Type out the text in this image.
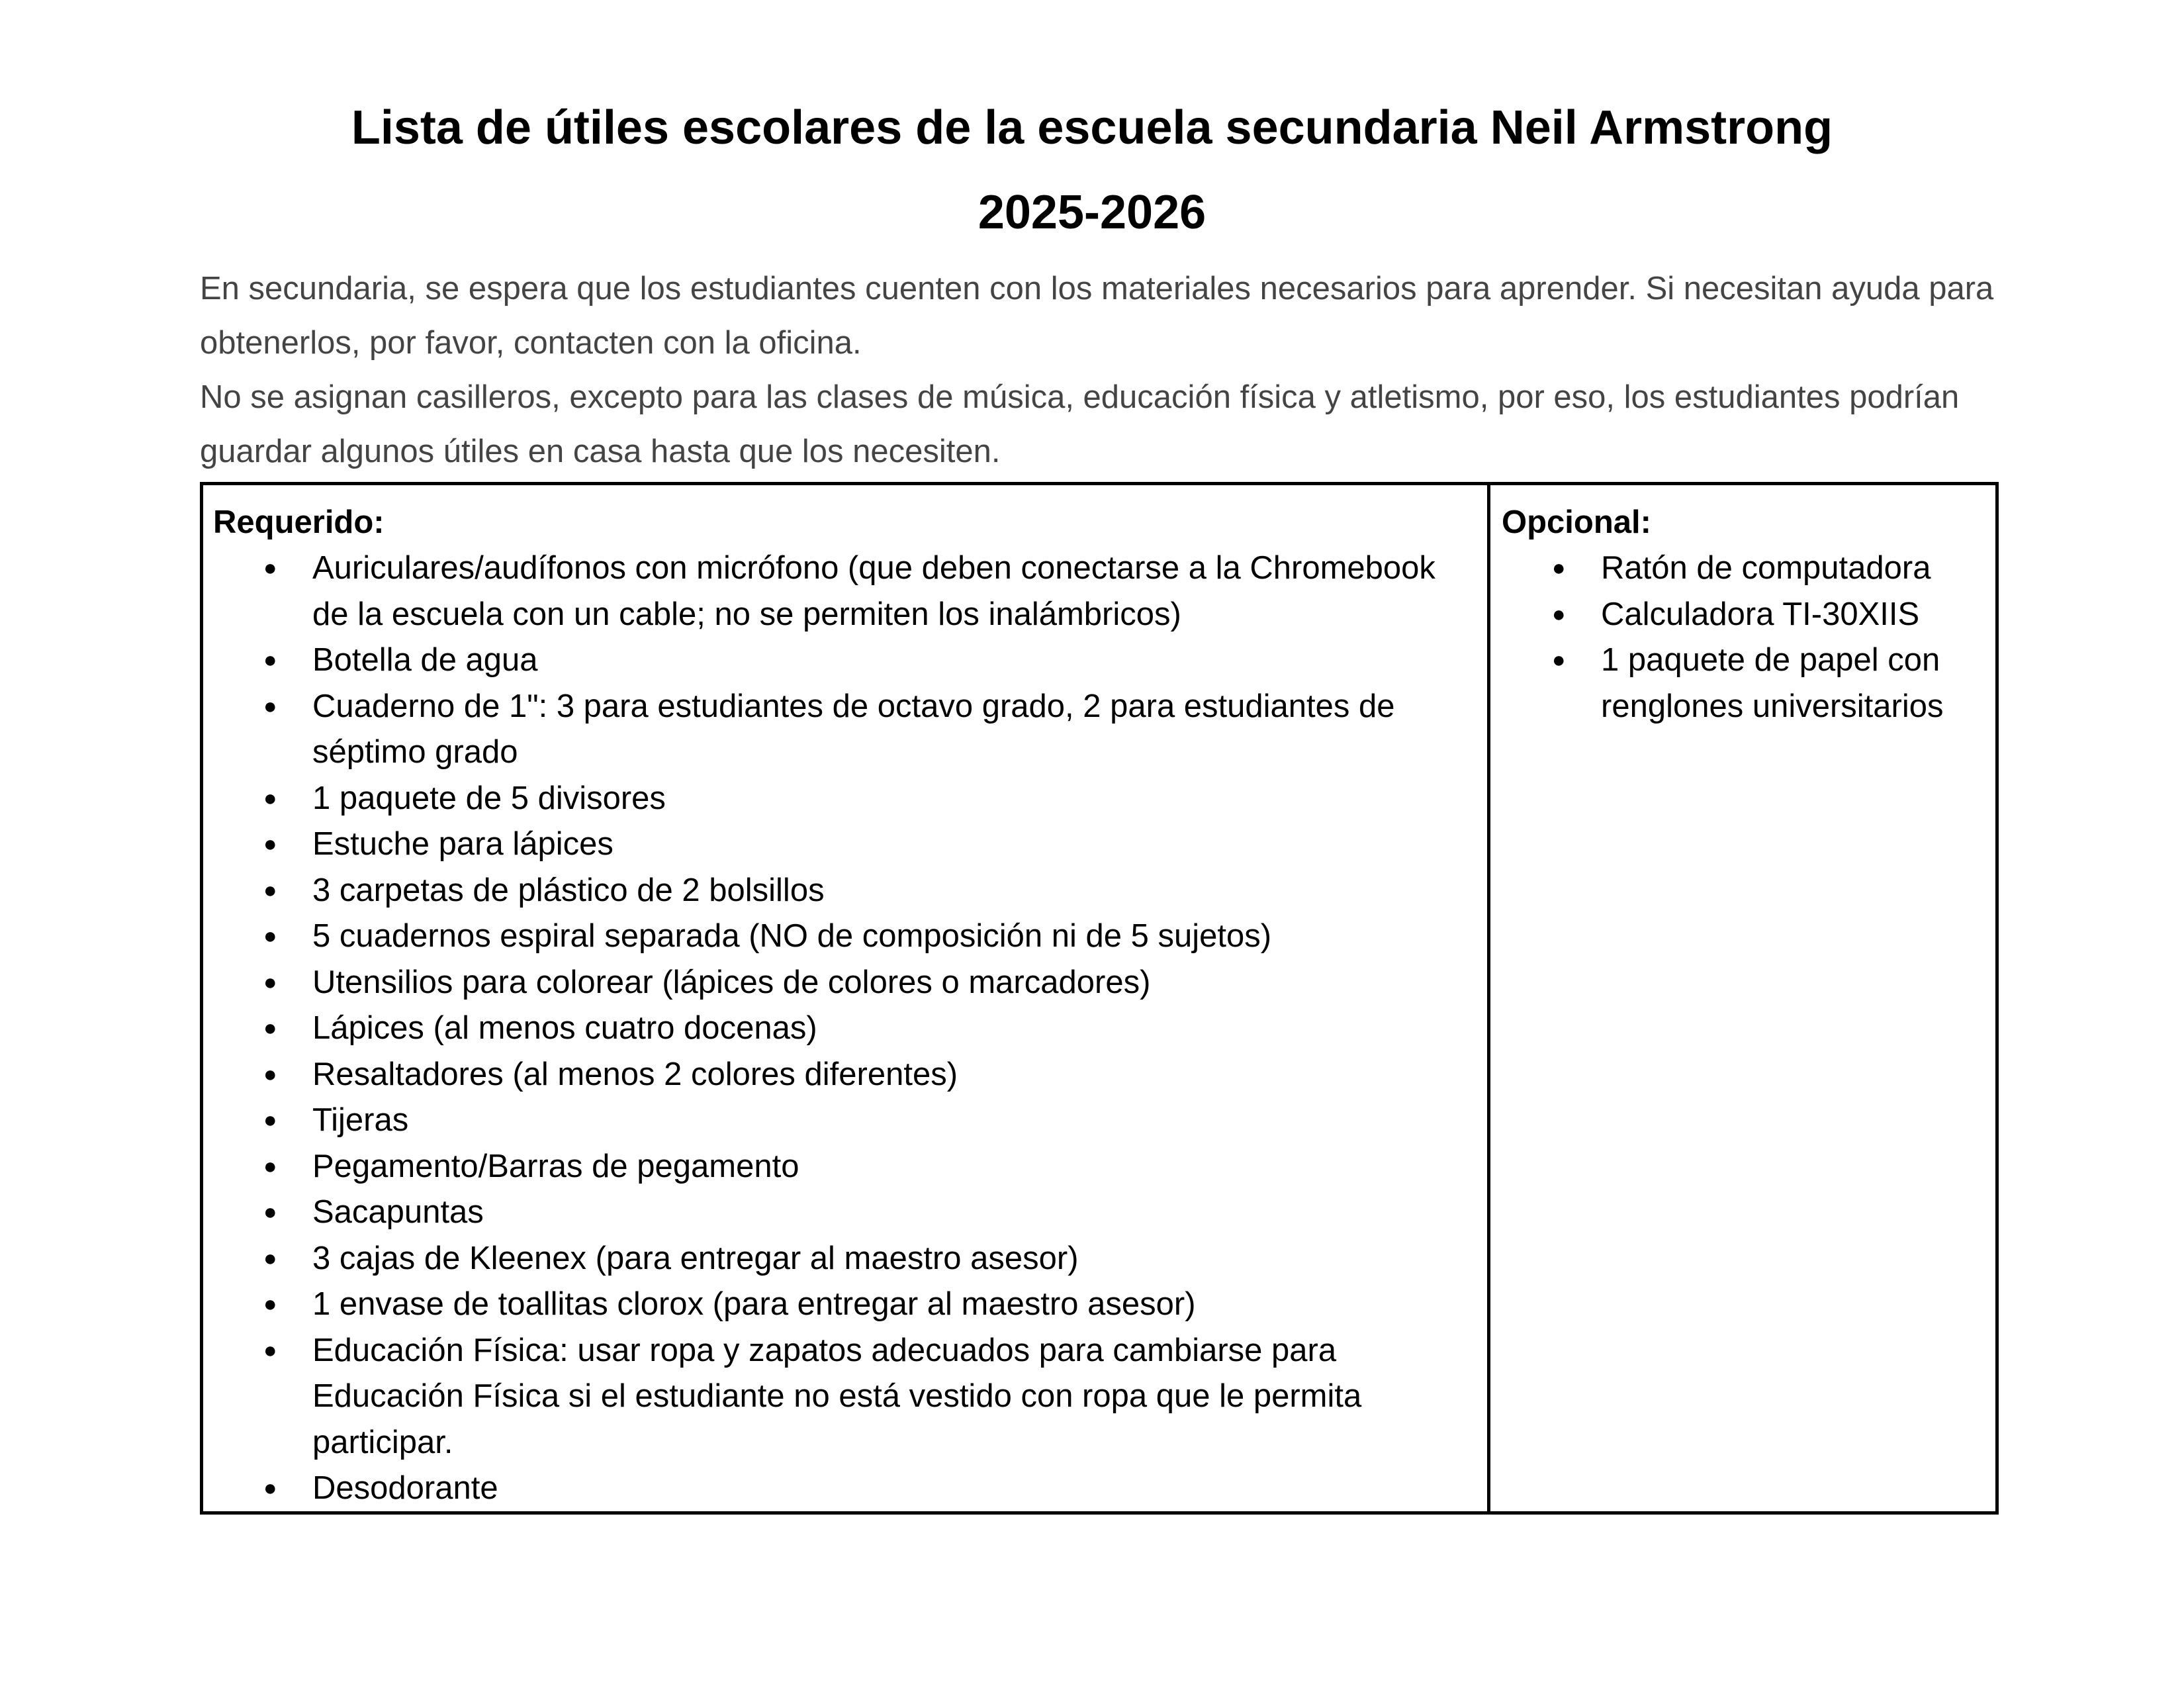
Lista de útiles escolares de la escuela secundaria Neil Armstrong
2025-2026

En secundaria, se espera que los estudiantes cuenten con los materiales necesarios para aprender. Si necesitan ayuda para obtenerlos, por favor, contacten con la oficina.

No se asignan casilleros, excepto para las clases de música, educación física y atletismo, por eso, los estudiantes podrían guardar algunos útiles en casa hasta que los necesiten.

Requerido:

● Auriculares/audífonos con micrófono (que deben conectarse a la Chromebook de la escuela con un cable; no se permiten los inalámbricos)
● Botella de agua
● Cuaderno de 1": 3 para estudiantes de octavo grado, 2 para estudiantes de séptimo grado
● 1 paquete de 5 divisores
● Estuche para lápices
● 3 carpetas de plástico de 2 bolsillos
● 5 cuadernos espiral separada (NO de composición ni de 5 sujetos)
● Utensilios para colorear (lápices de colores o marcadores)
● Lápices (al menos cuatro docenas)
● Resaltadores (al menos 2 colores diferentes)
● Tijeras
● Pegamento/Barras de pegamento
● Sacapuntas
● 3 cajas de Kleenex (para entregar al maestro asesor)
● 1 envase de toallitas clorox (para entregar al maestro asesor)
● Educación Física: usar ropa y zapatos adecuados para cambiarse para Educación Física si el estudiante no está vestido con ropa que le permita participar.
● Desodorante

Opcional:

● Ratón de computadora
● Calculadora TI-30XIIS
● 1 paquete de papel con renglones universitarios
